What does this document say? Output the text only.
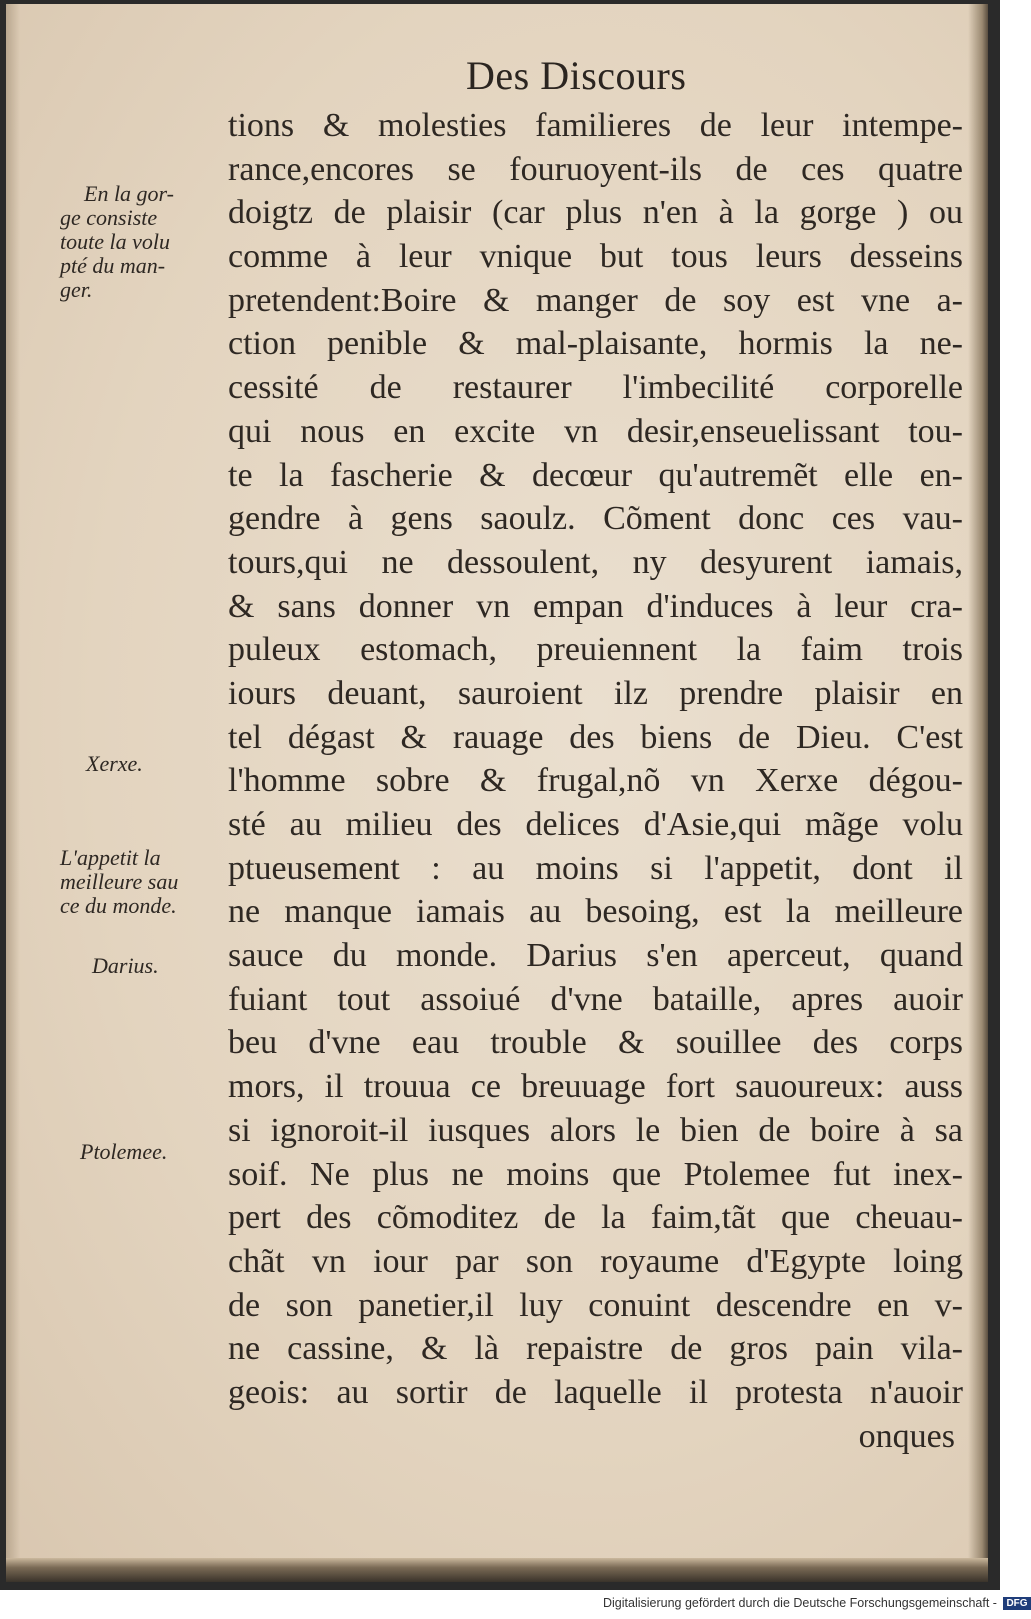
Des Discours
tions & molesties familieres de leur intempe-
rance,encores se fouruoyent-ils de ces quatre
doigtz de plaisir (car plus n'en à la gorge ) ou
comme à leur vnique but tous leurs desseins
pretendent:Boire & manger de soy est vne a-
ction penible & mal-plaisante, hormis la ne-
cessité de restaurer l'imbecilité corporelle
qui nous en excite vn desir,enseuelissant tou-
te la fascherie & decœur qu'autremẽt elle en-
gendre à gens saoulz. Cõment donc ces vau-
tours,qui ne dessoulent, ny desyurent iamais,
& sans donner vn empan d'induces à leur cra-
puleux estomach, preuiennent la faim trois
iours deuant, sauroient ilz prendre plaisir en
tel dégast & rauage des biens de Dieu. C'est
l'homme sobre & frugal,nõ vn Xerxe dégou-
sté au milieu des delices d'Asie,qui mãge volu
ptueusement : au moins si l'appetit, dont il
ne manque iamais au besoing, est la meilleure
sauce du monde. Darius s'en aperceut, quand
fuiant tout assoiué d'vne bataille, apres auoir
beu d'vne eau trouble & souillee des corps
mors, il trouua ce breuuage fort sauoureux: auss
si ignoroit-il iusques alors le bien de boire à sa
soif. Ne plus ne moins que Ptolemee fut inex-
pert des cõmoditez de la faim,tãt que cheuau-
chãt vn iour par son royaume d'Egypte loing
de son panetier,il luy conuint descendre en v-
ne cassine, & là repaistre de gros pain vila-
geois: au sortir de laquelle il protesta n'auoir
onques
En la gor-
ge consiste
toute la volu
pté du man-
ger.
Xerxe.
L'appetit la
meilleure sau
ce du monde.
Darius.
Ptolemee.
Digitalisierung gefördert durch die Deutsche Forschungsgemeinschaft - DFG
